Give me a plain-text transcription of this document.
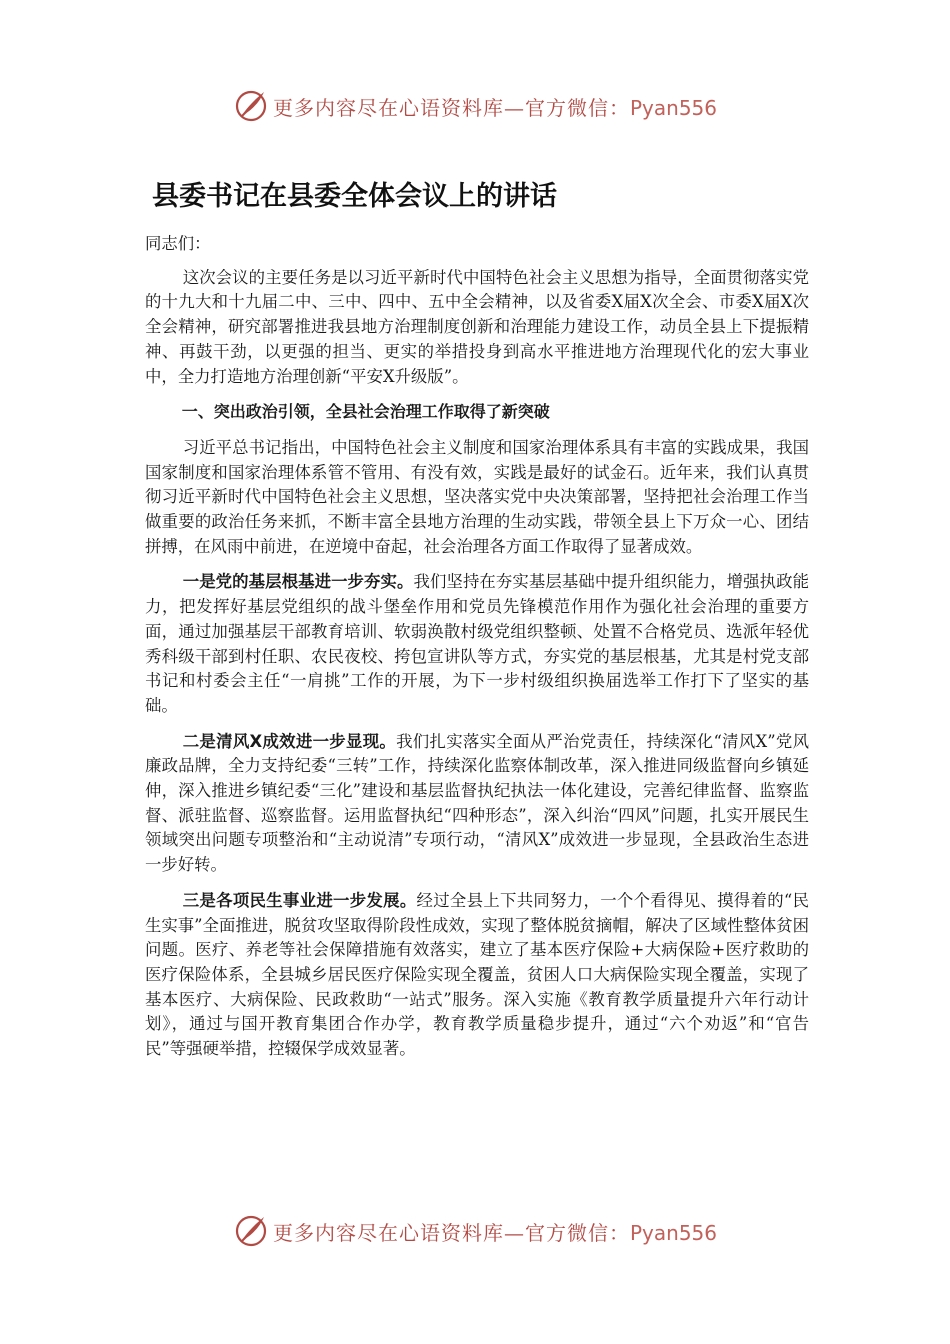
更多内容尽在心语资料库—官方微信：Pyan556
县委书记在县委全体会议上的讲话

同志们：

这次会议的主要任务是以习近平新时代中国特色社会主义思想为指导，全面贯彻落实党的十九大和十九届二中、三中、四中、五中全会精神，以及省委X届X次全会、市委X届X次全会精神，研究部署推进我县地方治理制度创新和治理能力建设工作，动员全县上下提振精神、再鼓干劲，以更强的担当、更实的举措投身到高水平推进地方治理现代化的宏大事业中，全力打造地方治理创新“平安X升级版”。

一、突出政治引领，全县社会治理工作取得了新突破

习近平总书记指出，中国特色社会主义制度和国家治理体系具有丰富的实践成果，我国国家制度和国家治理体系管不管用、有没有效，实践是最好的试金石。近年来，我们认真贯彻习近平新时代中国特色社会主义思想，坚决落实党中央决策部署，坚持把社会治理工作当做重要的政治任务来抓，不断丰富全县地方治理的生动实践，带领全县上下万众一心、团结拼搏，在风雨中前进，在逆境中奋起，社会治理各方面工作取得了显著成效。

一是党的基层根基进一步夯实。我们坚持在夯实基层基础中提升组织能力，增强执政能力，把发挥好基层党组织的战斗堡垒作用和党员先锋模范作用作为强化社会治理的重要方面，通过加强基层干部教育培训、软弱涣散村级党组织整顿、处置不合格党员、选派年轻优秀科级干部到村任职、农民夜校、挎包宣讲队等方式，夯实党的基层根基，尤其是村党支部书记和村委会主任“一肩挑”工作的开展，为下一步村级组织换届选举工作打下了坚实的基础。

二是清风X成效进一步显现。我们扎实落实全面从严治党责任，持续深化“清风X”党风廉政品牌，全力支持纪委“三转”工作，持续深化监察体制改革，深入推进同级监督向乡镇延伸，深入推进乡镇纪委“三化”建设和基层监督执纪执法一体化建设，完善纪律监督、监察监督、派驻监督、巡察监督。运用监督执纪“四种形态”，深入纠治“四风”问题，扎实开展民生领域突出问题专项整治和“主动说清”专项行动，“清风X”成效进一步显现，全县政治生态进一步好转。

三是各项民生事业进一步发展。经过全县上下共同努力，一个个看得见、摸得着的“民生实事”全面推进，脱贫攻坚取得阶段性成效，实现了整体脱贫摘帽，解决了区域性整体贫困问题。医疗、养老等社会保障措施有效落实，建立了基本医疗保险+大病保险+医疗救助的医疗保险体系，全县城乡居民医疗保险实现全覆盖，贫困人口大病保险实现全覆盖，实现了基本医疗、大病保险、民政救助“一站式”服务。深入实施《教育教学质量提升六年行动计划》，通过与国开教育集团合作办学，教育教学质量稳步提升，通过“六个劝返”和“官告民”等强硬举措，控辍保学成效显著。

更多内容尽在心语资料库—官方微信：Pyan556
